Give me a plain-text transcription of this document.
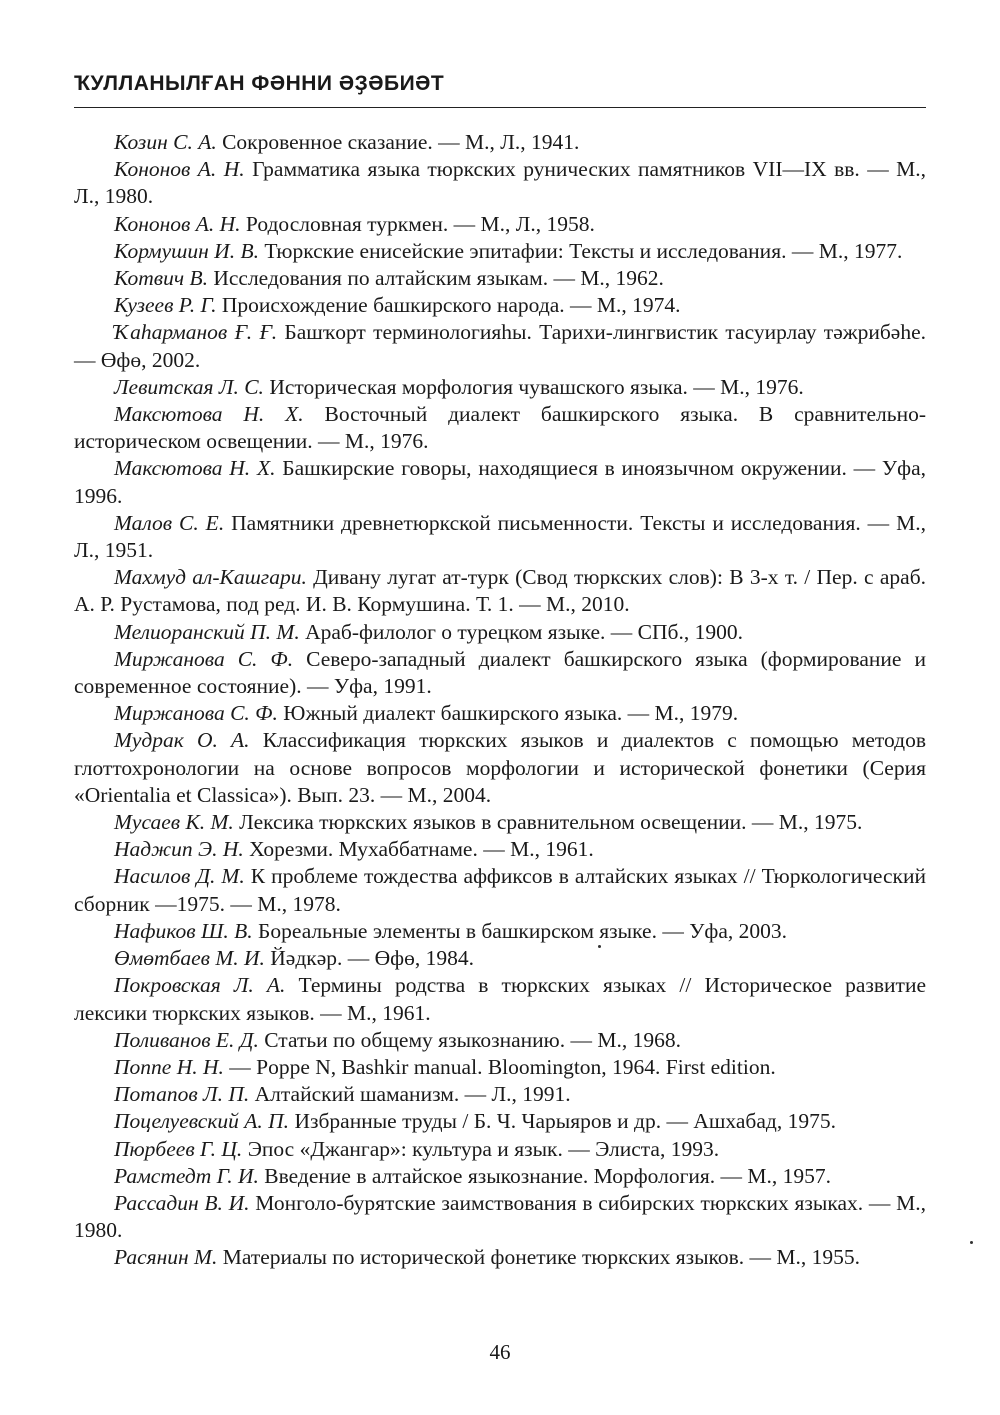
ҠУЛЛАНЫЛҒАН ФӘННИ ӘҘӘБИӘТ

Козин С. А. Сокровенное сказание. — М., Л., 1941.

Кононов А. Н. Грамматика языка тюркских рунических памятников VII—IX вв. — М., Л., 1980.

Кононов А. Н. Родословная туркмен. — М., Л., 1958.

Кормушин И. В. Тюркские енисейские эпитафии: Тексты и исследования. — М., 1977.

Котвич В. Исследования по алтайским языкам. — М., 1962.

Кузеев Р. Г. Происхождение башкирского народа. — М., 1974.

Ҡаһарманов Ғ. Ғ. Башҡорт терминологияһы. Тарихи-лингвистик тасуирлау тәжрибәһе. — Өфө, 2002.

Левитская Л. С. Историческая морфология чувашского языка. — М., 1976.

Максютова Н. Х. Восточный диалект башкирского языка. В сравнительно-историческом освещении. — М., 1976.

Максютова Н. Х. Башкирские говоры, находящиеся в иноязычном окружении. — Уфа, 1996.

Малов С. Е. Памятники древнетюркской письменности. Тексты и исследования. — М., Л., 1951.

Махмуд ал-Кашгари. Дивану лугат ат-турк (Свод тюркских слов): В 3-х т. / Пер. с араб. А. Р. Рустамова, под ред. И. В. Кормушина. Т. 1. — М., 2010.

Мелиоранский П. М. Араб-филолог о турецком языке. — СПб., 1900.

Миржанова С. Ф. Северо-западный диалект башкирского языка (формирование и современное состояние). — Уфа, 1991.

Миржанова С. Ф. Южный диалект башкирского языка. — М., 1979.

Мудрак О. А. Классификация тюркских языков и диалектов с помощью методов глоттохронологии на основе вопросов морфологии и исторической фонетики (Серия «Orientalia et Classica»). Вып. 23. — М., 2004.

Мусаев К. М. Лексика тюркских языков в сравнительном освещении. — М., 1975.

Наджип Э. Н. Хорезми. Мухаббатнаме. — М., 1961.

Насилов Д. М. К проблеме тождества аффиксов в алтайских языках // Тюркологический сборник —1975. — М., 1978.

Нафиков Ш. В. Бореальные элементы в башкирском языке. — Уфа, 2003.

Өмөтбаев М. И. Йәдкәр. — Өфө, 1984.

Покровская Л. А. Термины родства в тюркских языках // Историческое развитие лексики тюркских языков. — М., 1961.

Поливанов Е. Д. Статьи по общему языкознанию. — М., 1968.

Поппе Н. Н. — Poppe N, Bashkir manual. Bloomington, 1964. First edition.

Потапов Л. П. Алтайский шаманизм. — Л., 1991.

Поцелуевский А. П. Избранные труды / Б. Ч. Чарыяров и др. — Ашхабад, 1975.

Пюрбеев Г. Ц. Эпос «Джангар»: культура и язык. — Элиста, 1993.

Рамстедт Г. И. Введение в алтайское языкознание. Морфология. — М., 1957.

Рассадин В. И. Монголо-бурятские заимствования в сибирских тюркских языках. — М., 1980.

Расянин М. Материалы по исторической фонетике тюркских языков. — М., 1955.

46
